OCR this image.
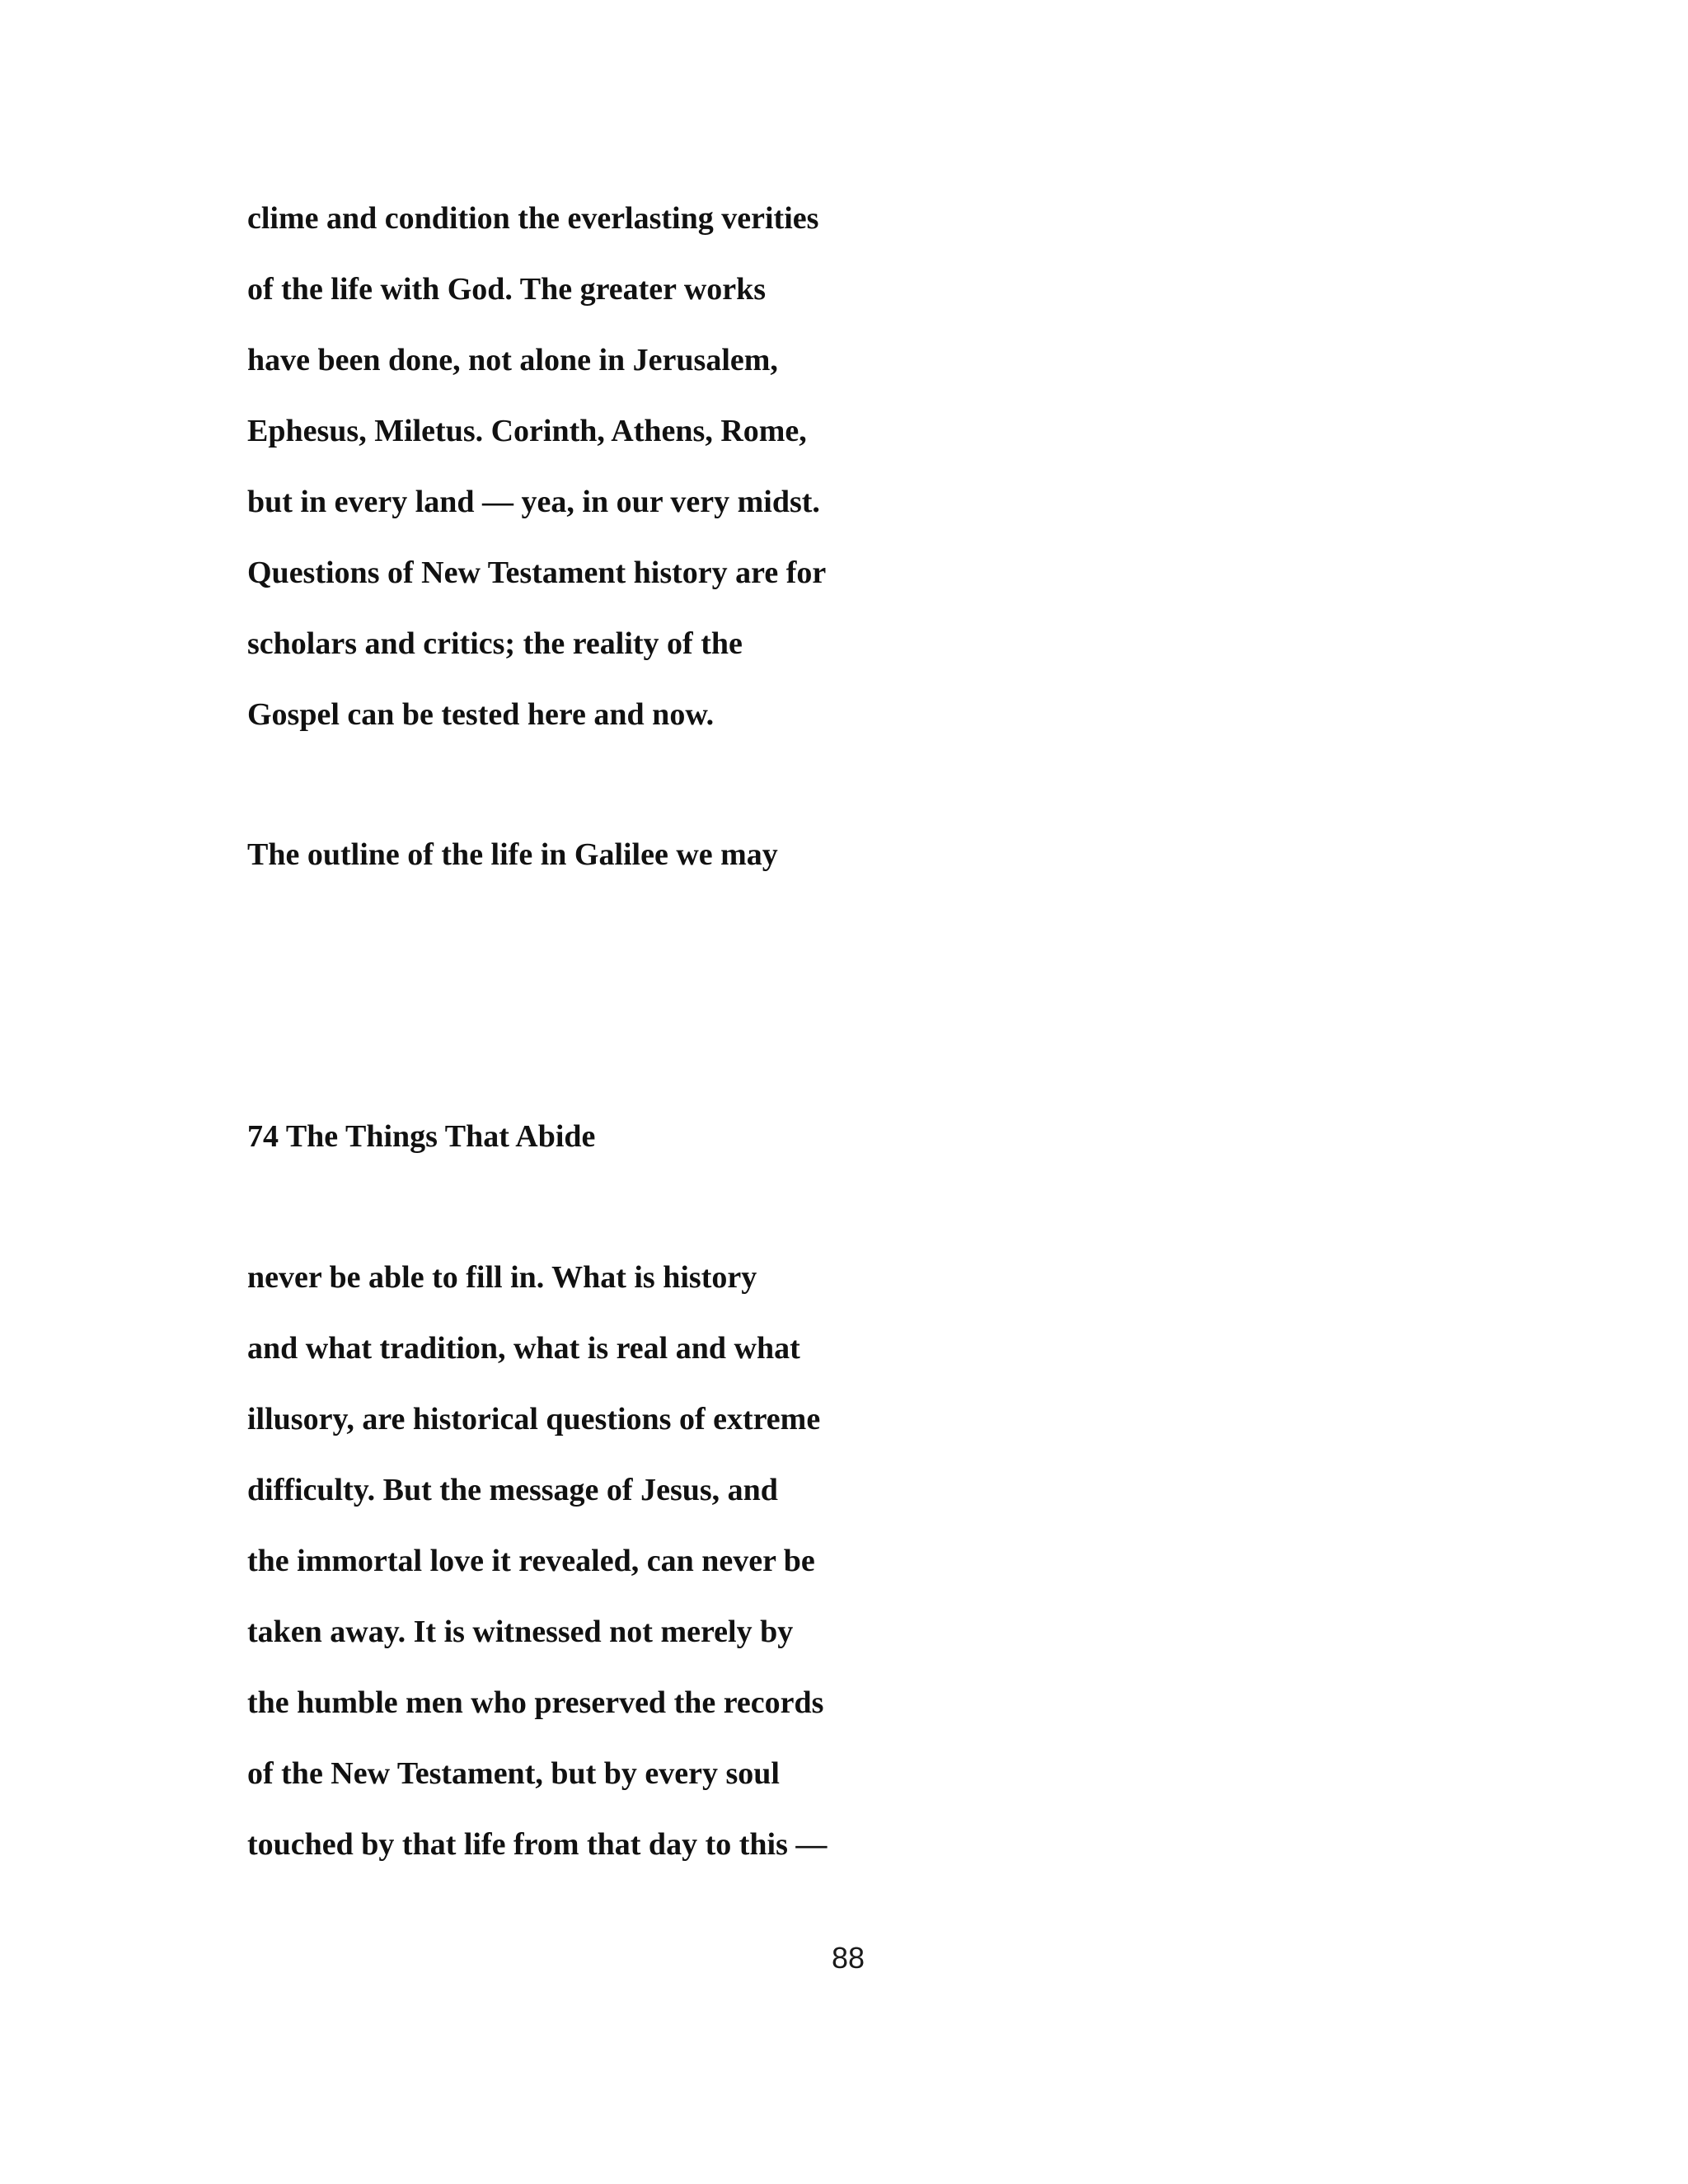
clime and condition the everlasting verities
of the life with God. The greater works
have been done, not alone in Jerusalem,
Ephesus, Miletus. Corinth, Athens, Rome,
but in every land — yea, in our very midst.
Questions of New Testament history are for
scholars and critics; the reality of the
Gospel can be tested here and now.
The outline of the life in Galilee we may
74 The Things That Abide
never be able to fill in. What is history
and what tradition, what is real and what
illusory, are historical questions of extreme
difficulty. But the message of Jesus, and
the immortal love it revealed, can never be
taken away. It is witnessed not merely by
the humble men who preserved the records
of the New Testament, but by every soul
touched by that life from that day to this —
88
